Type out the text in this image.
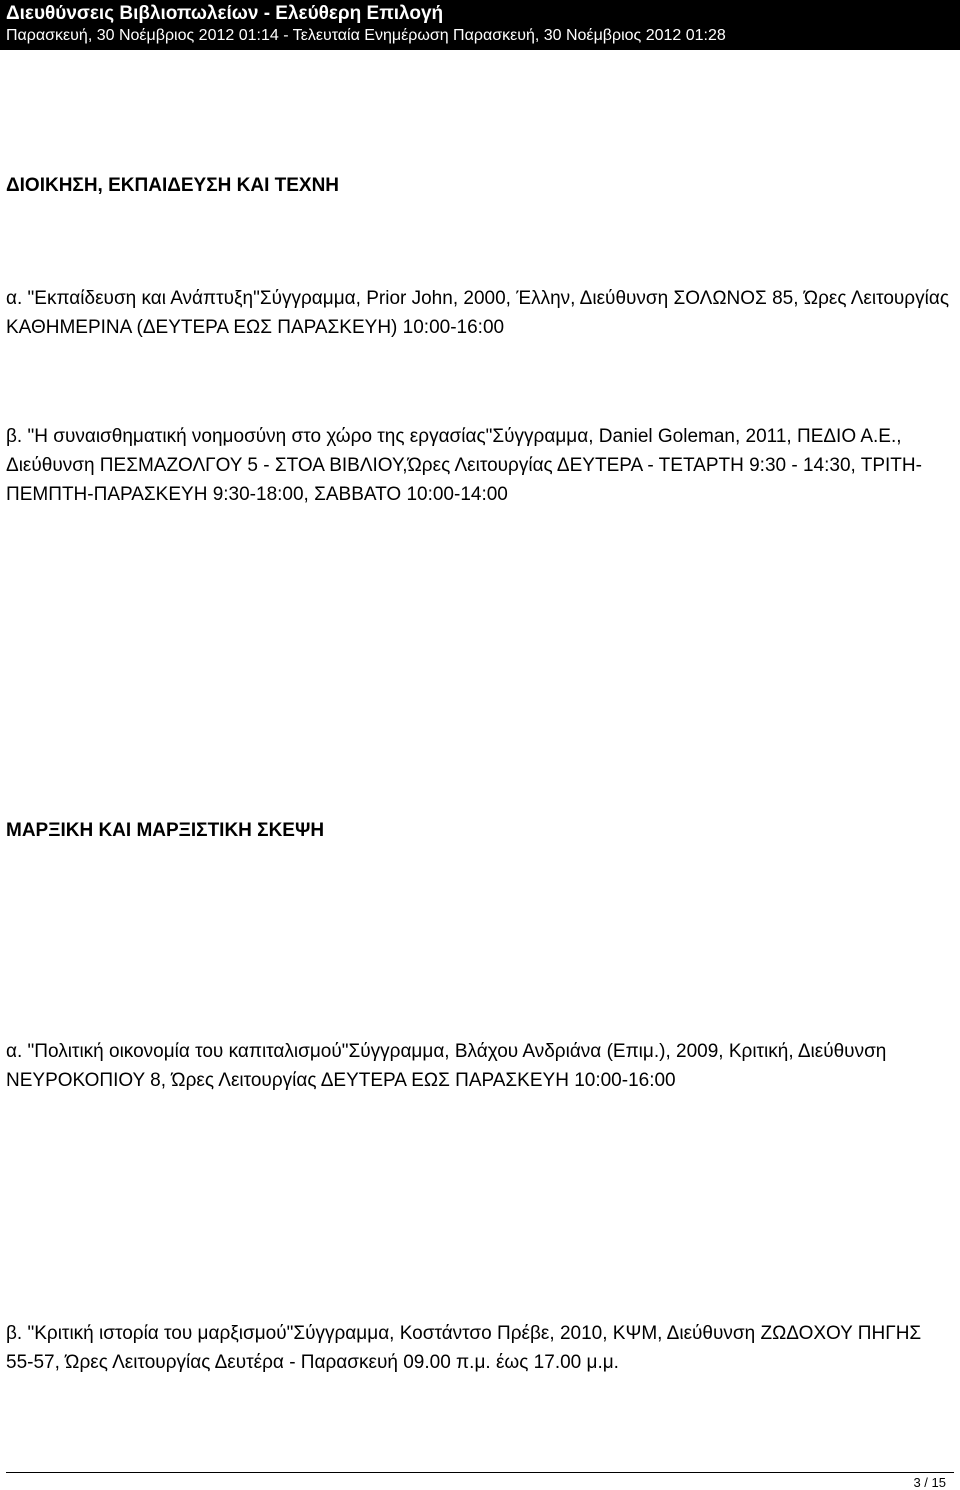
Διευθύνσεις Βιβλιοπωλείων - Ελεύθερη Επιλογή
Παρασκευή, 30 Νοέμβριος 2012 01:14 - Τελευταία Ενημέρωση Παρασκευή, 30 Νοέμβριος 2012 01:28
ΔΙΟΙΚΗΣΗ, ΕΚΠΑΙΔΕΥΣΗ ΚΑΙ ΤΕΧΝΗ
α. "Εκπαίδευση και Ανάπτυξη"Σύγγραμμα, Prior John, 2000, Έλλην, Διεύθυνση ΣΟΛΩΝΟΣ 85, Ώρες Λειτουργίας ΚΑΘΗΜΕΡΙΝΑ (ΔΕΥΤΕΡΑ ΕΩΣ ΠΑΡΑΣΚΕΥΗ) 10:00-16:00
β. "Η συναισθηματική νοημοσύνη στο χώρο της εργασίας"Σύγγραμμα, Daniel Goleman, 2011, ΠΕΔΙΟ Α.Ε., Διεύθυνση ΠΕΣΜΑΖΟΛΓΟΥ 5 - ΣΤΟΑ ΒΙΒΛΙΟΥ,Ώρες Λειτουργίας ΔΕΥΤΕΡΑ - ΤΕΤΑΡΤΗ 9:30 - 14:30, ΤΡΙΤΗ-ΠΕΜΠΤΗ-ΠΑΡΑΣΚΕΥΗ 9:30-18:00, ΣΑΒΒΑΤΟ 10:00-14:00
ΜΑΡΞΙΚΗ ΚΑΙ ΜΑΡΞΙΣΤΙΚΗ ΣΚΕΨΗ
α. "Πολιτική οικονομία του καπιταλισμού"Σύγγραμμα, Βλάχου Ανδριάνα (Επιμ.), 2009, Κριτική, Διεύθυνση ΝΕΥΡΟΚΟΠΙΟΥ 8, Ώρες Λειτουργίας ΔΕΥΤΕΡΑ ΕΩΣ ΠΑΡΑΣΚΕΥΗ 10:00-16:00
β. "Κριτική ιστορία του μαρξισμού"Σύγγραμμα, Κοστάντσο Πρέβε, 2010, ΚΨΜ, Διεύθυνση ΖΩΔΟΧΟΥ ΠΗΓΗΣ 55-57, Ώρες Λειτουργίας Δευτέρα - Παρασκευή 09.00 π.μ. έως 17.00 μ.μ.
3 / 15
